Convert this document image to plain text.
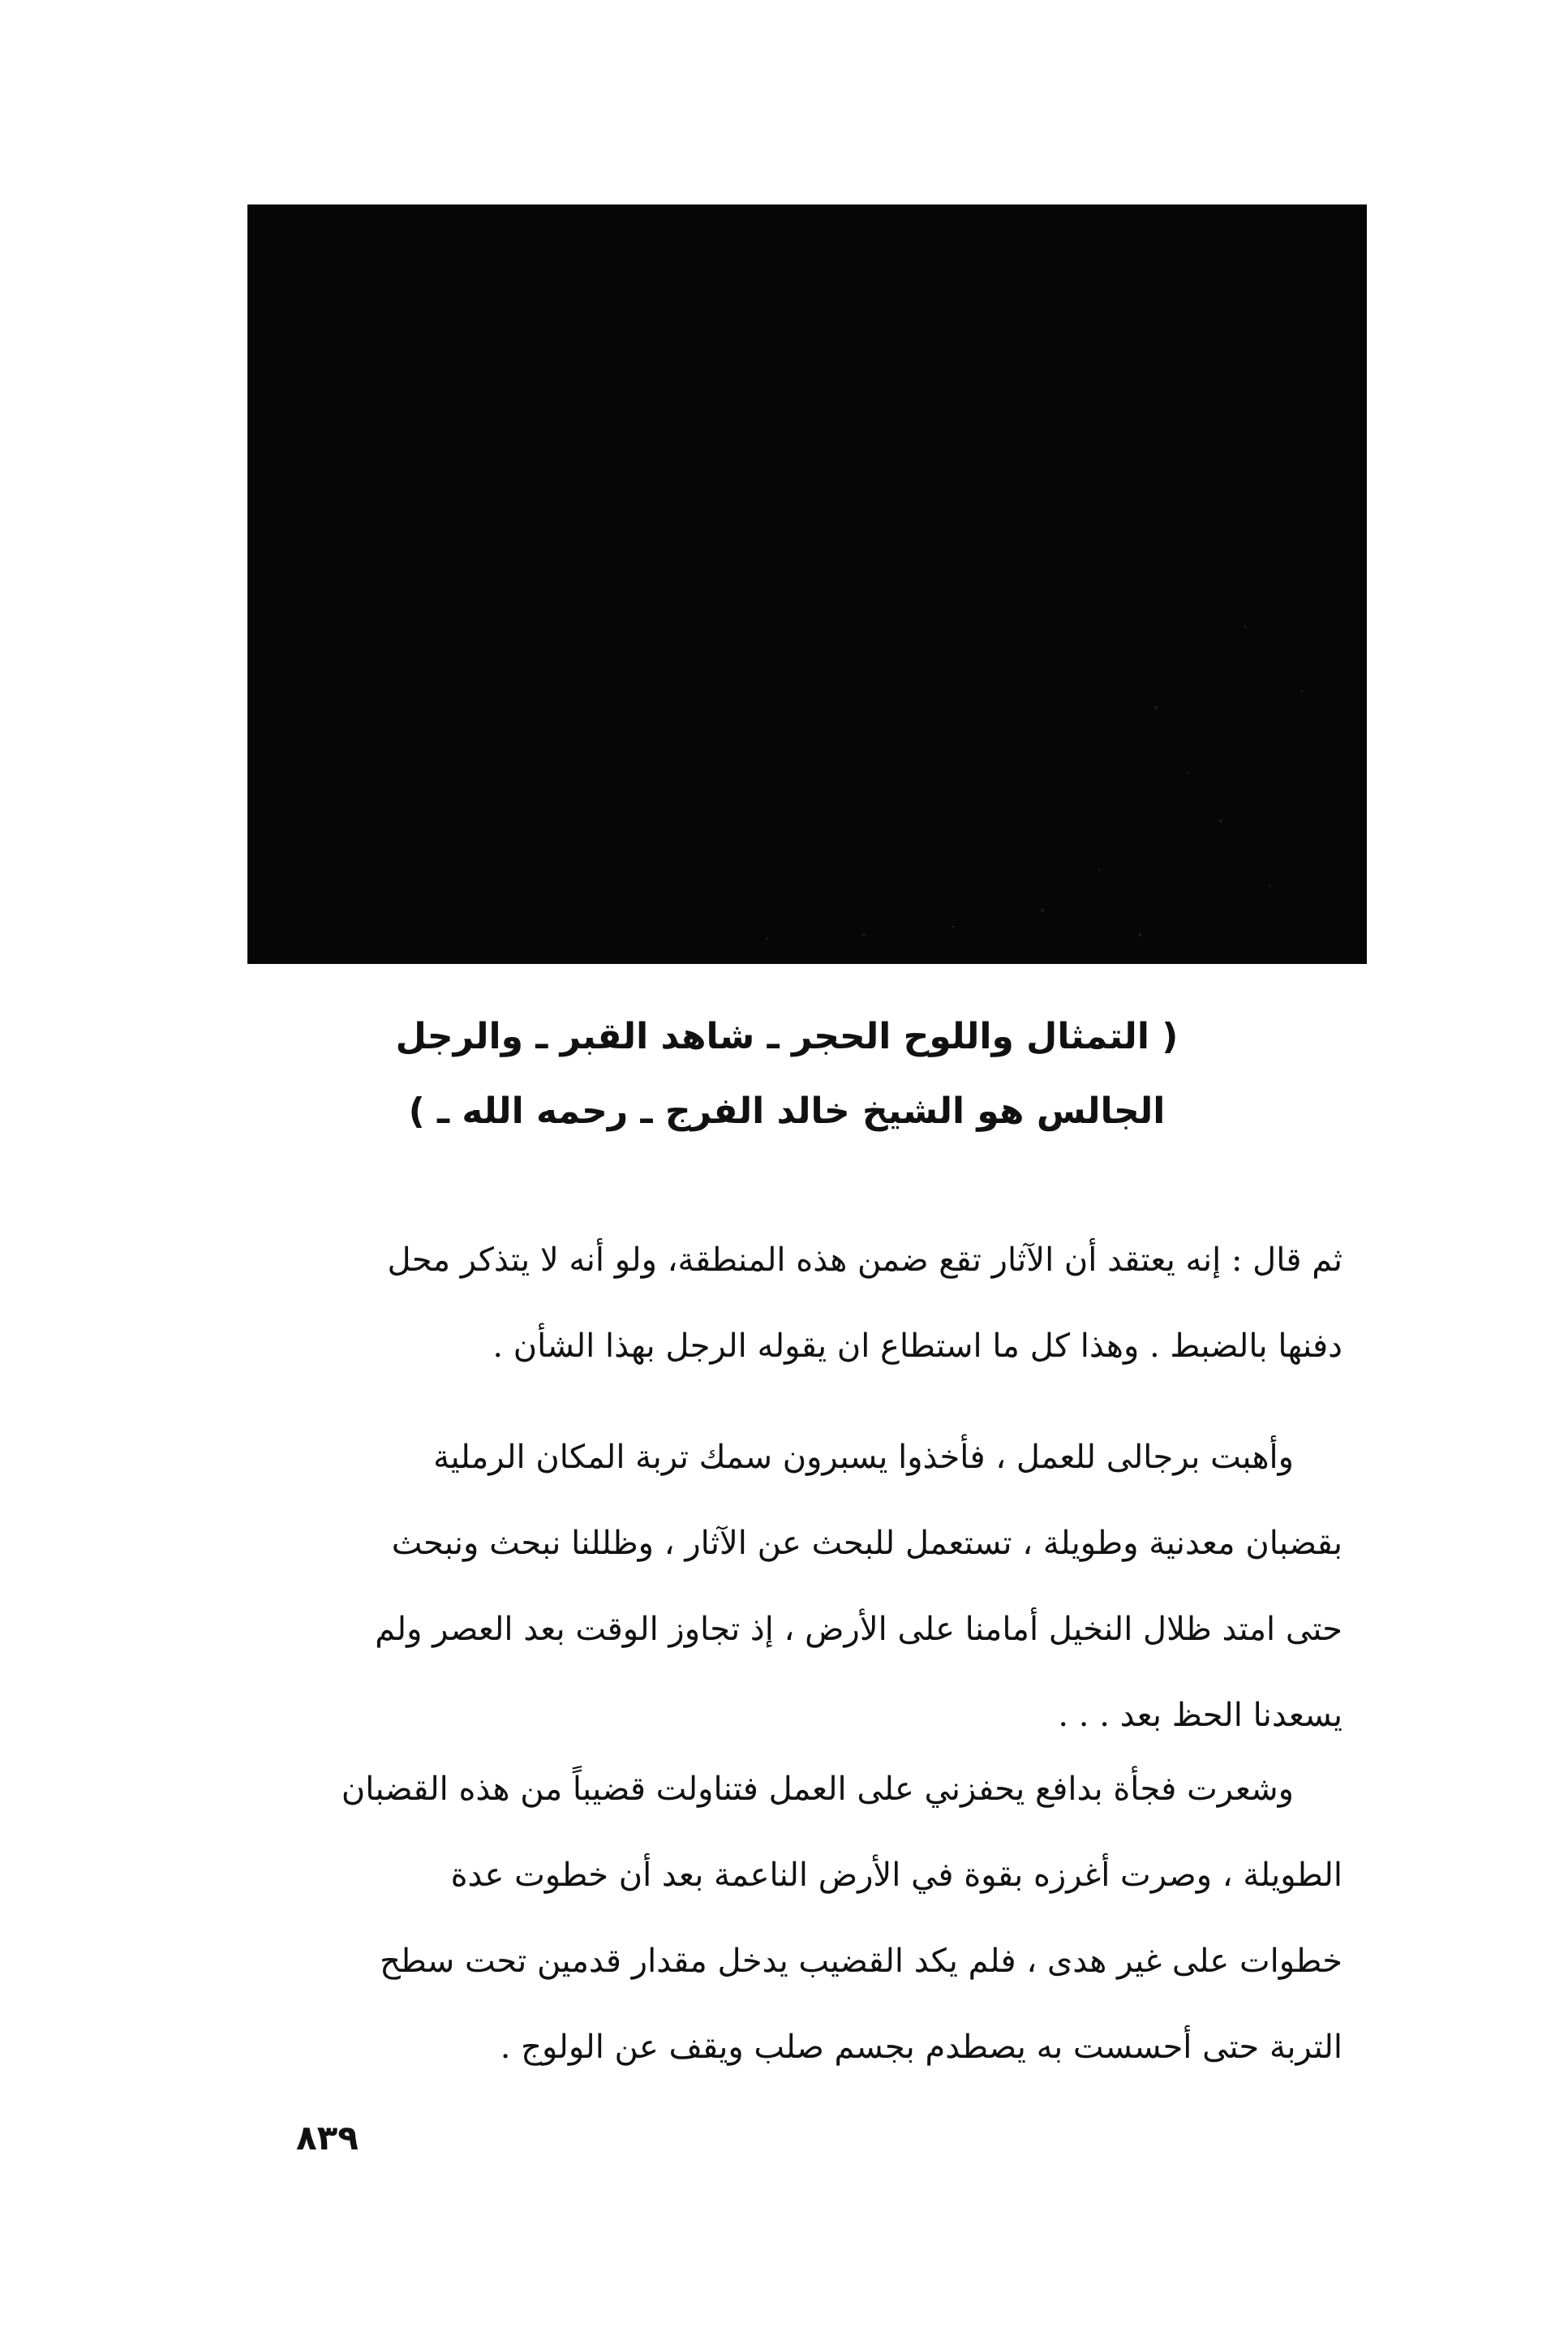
( التمثال واللوح الحجر ـ شاهد القبر ـ والرجل
الجالس هو الشيخ خالد الفرج ـ رحمه الله ـ )
ثم قال : إنه يعتقد أن الآثار تقع ضمن هذه المنطقة، ولو أنه لا يتذكر محل
دفنها بالضبط . وهذا كل ما استطاع ان يقوله الرجل بهذا الشأن .
وأهبت برجالى للعمل ، فأخذوا يسبرون سمك تربة المكان الرملية
بقضبان معدنية وطويلة ، تستعمل للبحث عن الآثار ، وظللنا نبحث ونبحث
حتى امتد ظلال النخيل أمامنا على الأرض ، إذ تجاوز الوقت بعد العصر ولم
يسعدنا الحظ بعد . . .
وشعرت فجأة بدافع يحفزني على العمل فتناولت قضيباً من هذه القضبان
الطويلة ، وصرت أغرزه بقوة في الأرض الناعمة بعد أن خطوت عدة
خطوات على غير هدى ، فلم يكد القضيب يدخل مقدار قدمين تحت سطح
التربة حتى أحسست به يصطدم بجسم صلب ويقف عن الولوج .
٨٣٩
